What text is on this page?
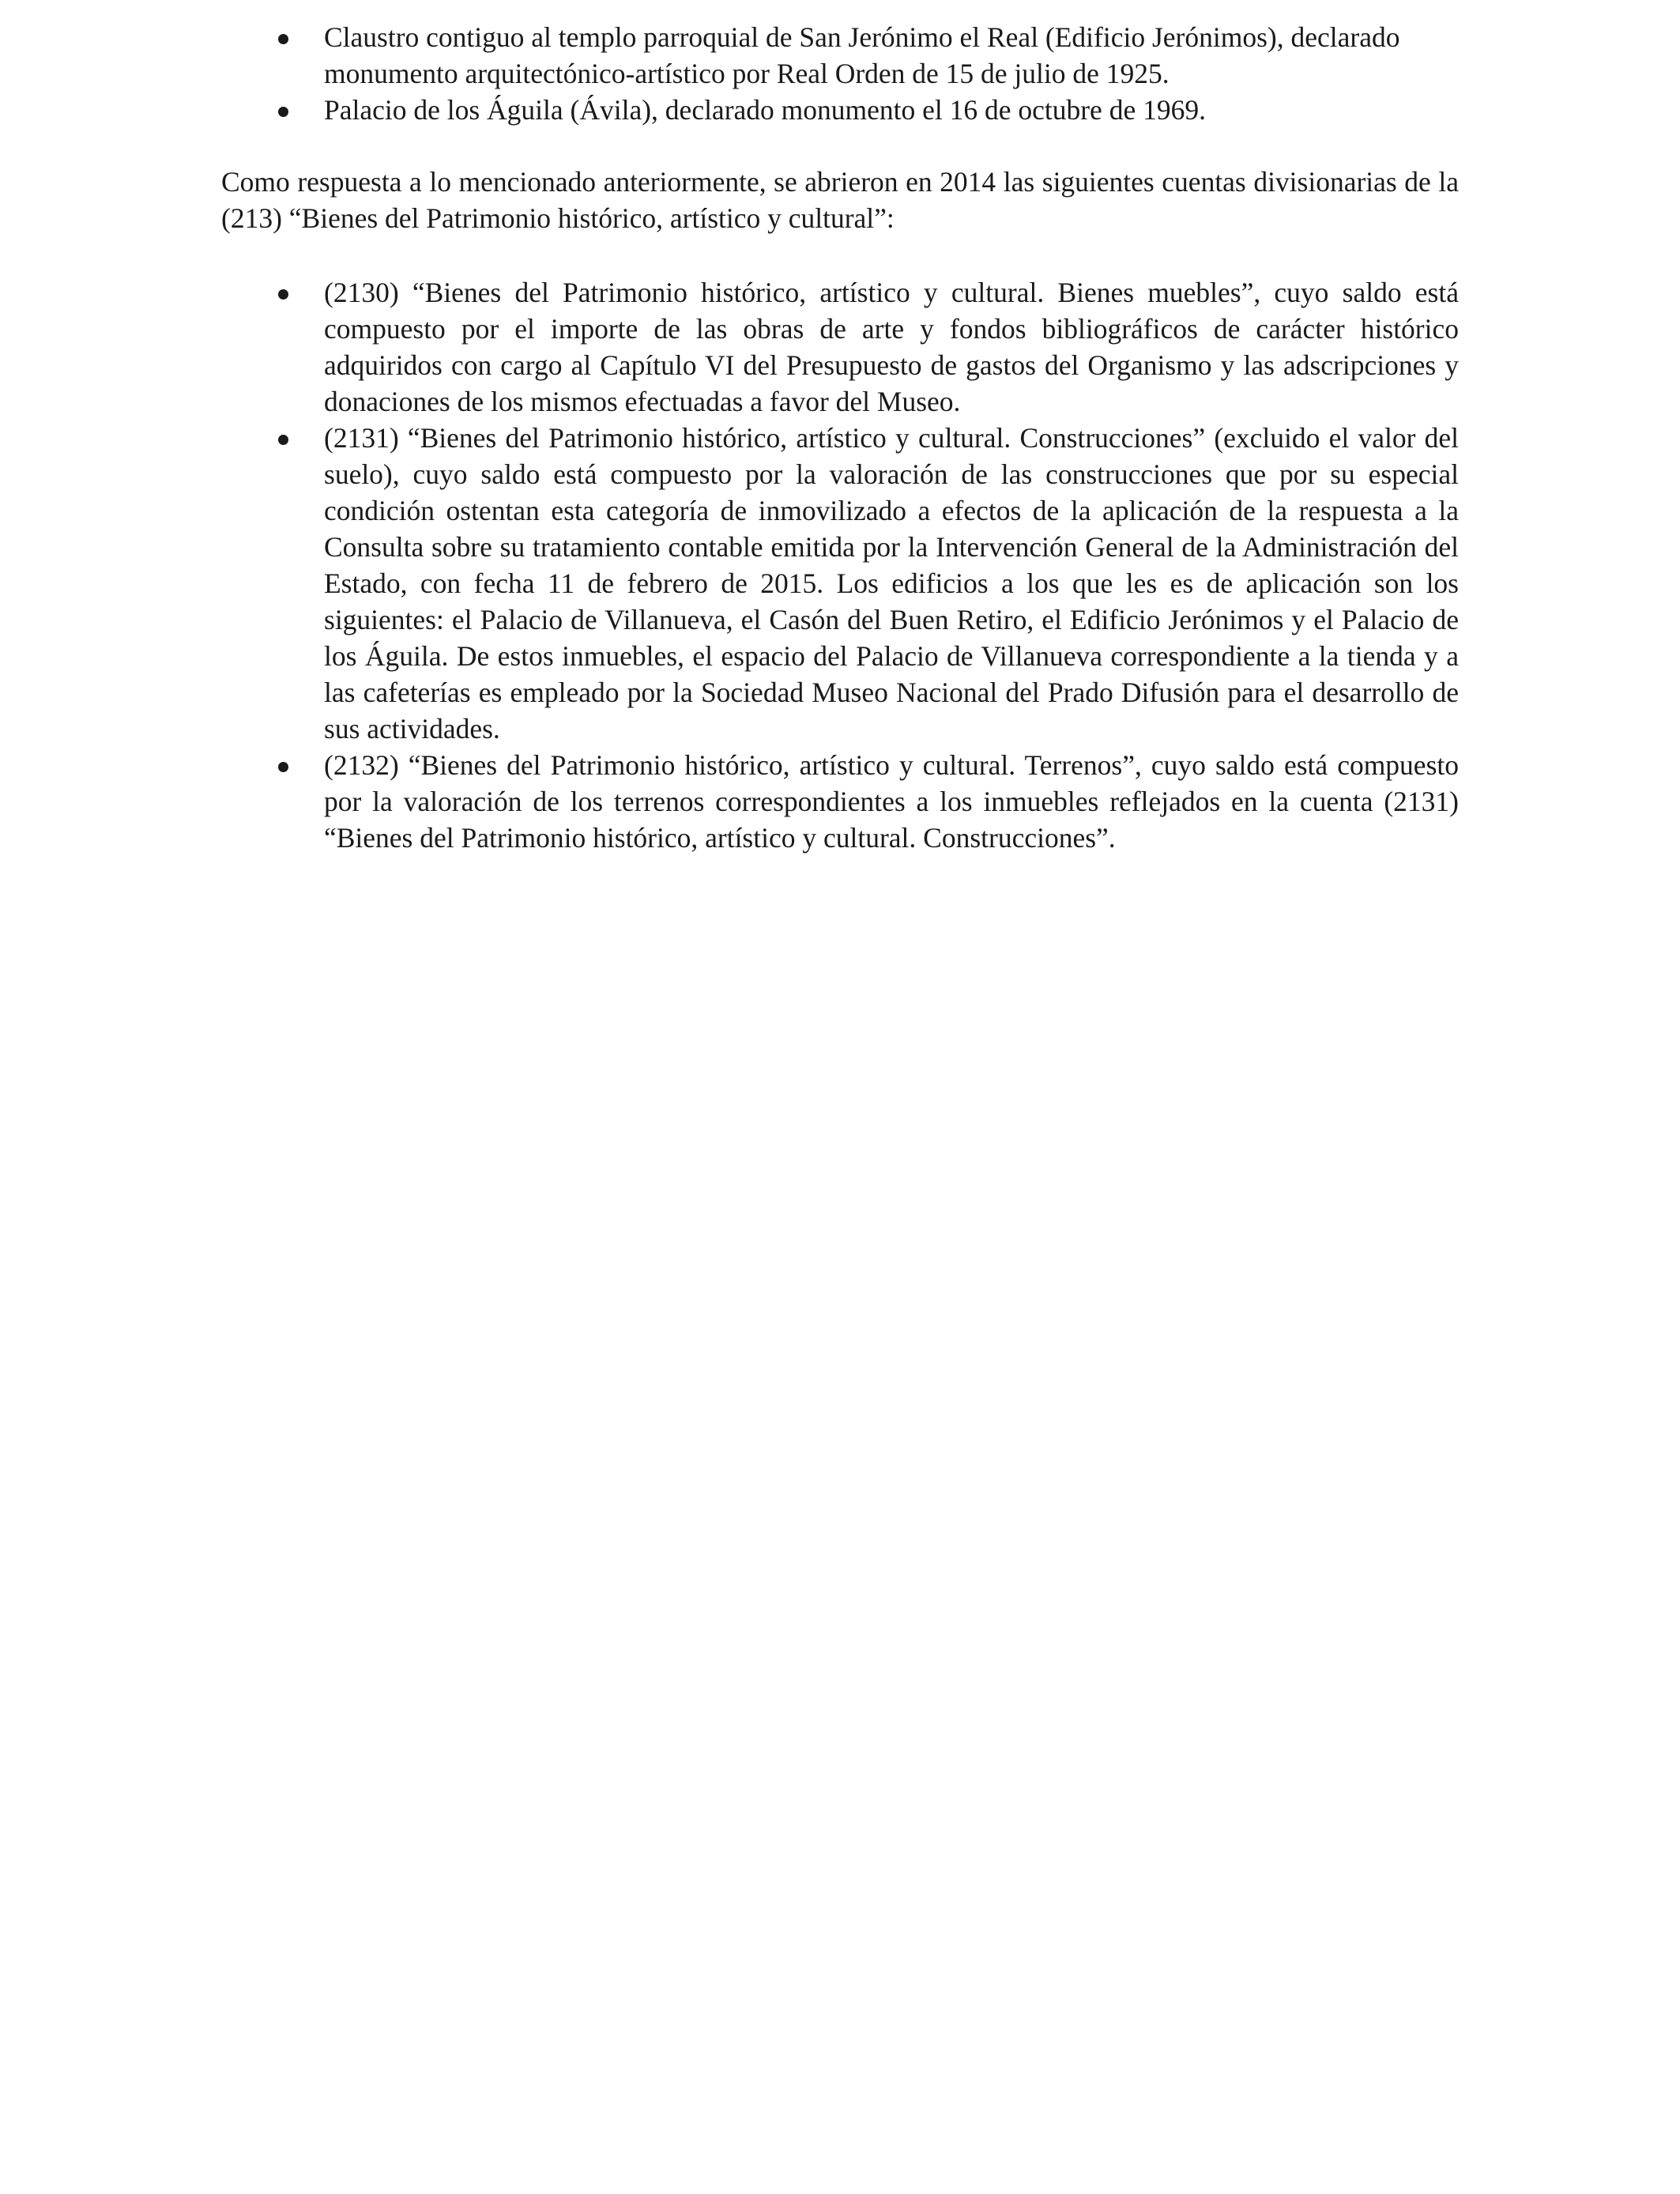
Claustro contiguo al templo parroquial de San Jerónimo el Real (Edificio Jerónimos), declarado monumento arquitectónico-artístico por Real Orden de 15 de julio de 1925.
Palacio de los Águila (Ávila), declarado monumento el 16 de octubre de 1969.

Como respuesta a lo mencionado anteriormente, se abrieron en 2014 las siguientes cuentas divisionarias de la (213) “Bienes del Patrimonio histórico, artístico y cultural”:

(2130) “Bienes del Patrimonio histórico, artístico y cultural. Bienes muebles”, cuyo saldo está compuesto por el importe de las obras de arte y fondos bibliográficos de carácter histórico adquiridos con cargo al Capítulo VI del Presupuesto de gastos del Organismo y las adscripciones y donaciones de los mismos efectuadas a favor del Museo.
(2131) “Bienes del Patrimonio histórico, artístico y cultural. Construcciones” (excluido el valor del suelo), cuyo saldo está compuesto por la valoración de las construcciones que por su especial condición ostentan esta categoría de inmovilizado a efectos de la aplicación de la respuesta a la Consulta sobre su tratamiento contable emitida por la Intervención General de la Administración del Estado, con fecha 11 de febrero de 2015. Los edificios a los que les es de aplicación son los siguientes: el Palacio de Villanueva, el Casón del Buen Retiro, el Edificio Jerónimos y el Palacio de los Águila. De estos inmuebles, el espacio del Palacio de Villanueva correspondiente a la tienda y a las cafeterías es empleado por la Sociedad Museo Nacional del Prado Difusión para el desarrollo de sus actividades.
(2132) “Bienes del Patrimonio histórico, artístico y cultural. Terrenos”, cuyo saldo está compuesto por la valoración de los terrenos correspondientes a los inmuebles reflejados en la cuenta (2131) “Bienes del Patrimonio histórico, artístico y cultural. Construcciones”.
